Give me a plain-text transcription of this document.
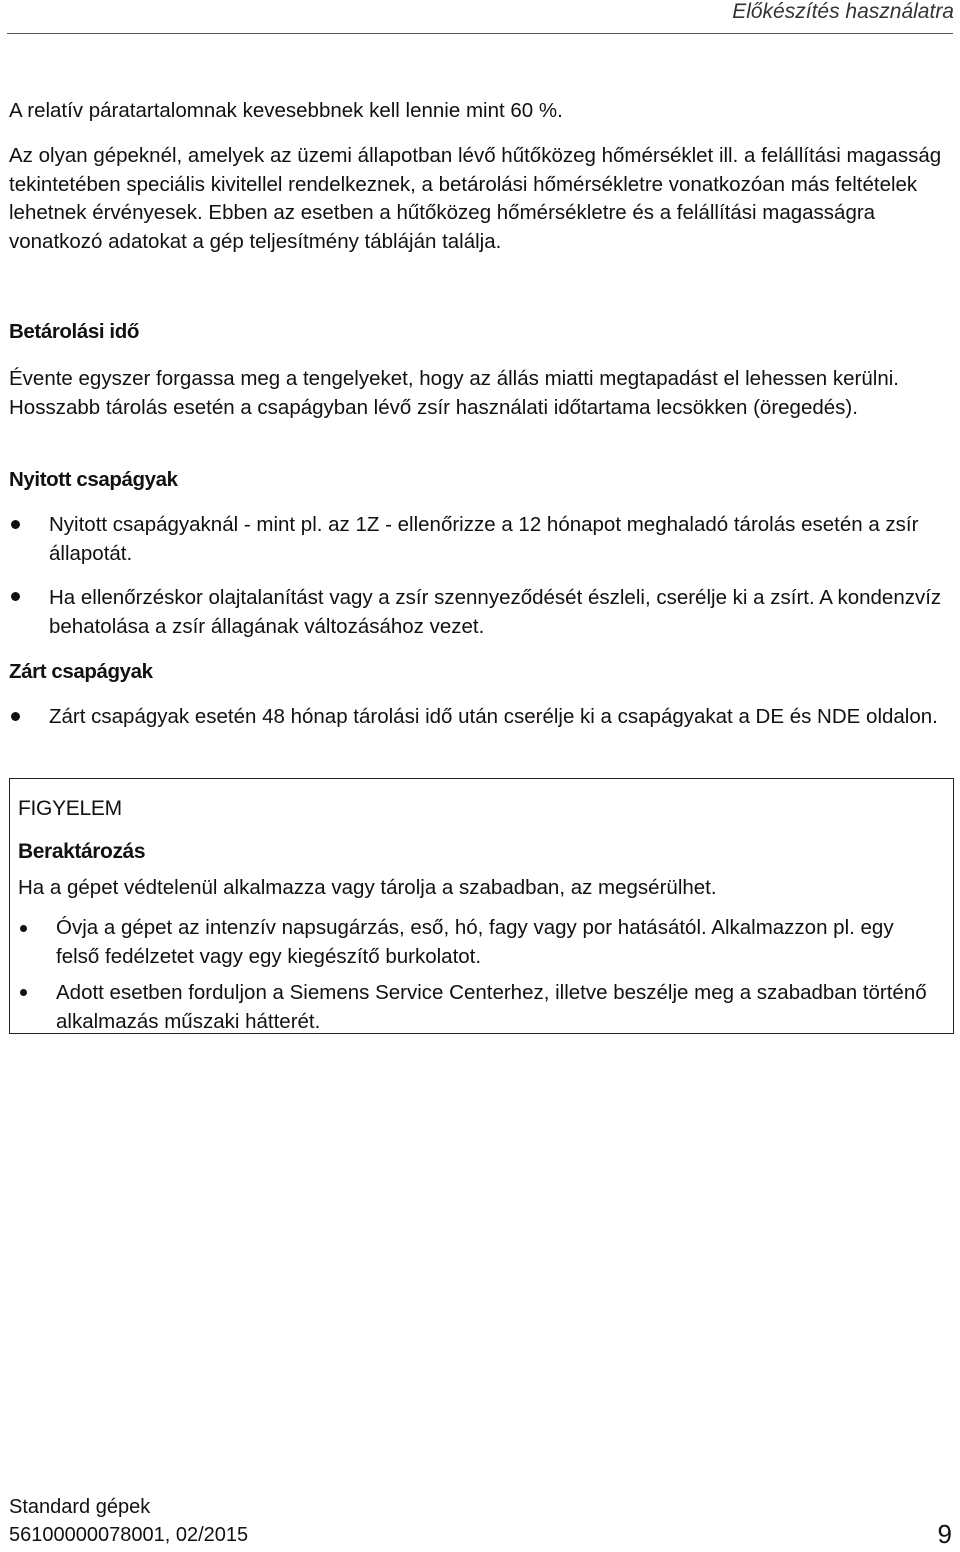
Előkészítés használatra
A relatív páratartalomnak kevesebbnek kell lennie mint 60 %.
Az olyan gépeknél, amelyek az üzemi állapotban lévő hűtőközeg hőmérséklet ill. a felállítási magasság tekintetében speciális kivitellel rendelkeznek, a betárolási hőmérsékletre vonatkozóan más feltételek lehetnek érvényesek. Ebben az esetben a hűtőközeg hőmérsékletre és a felállítási magasságra vonatkozó adatokat a gép teljesítmény tábláján találja.
Betárolási idő
Évente egyszer forgassa meg a tengelyeket, hogy az állás miatti megtapadást el lehessen kerülni. Hosszabb tárolás esetén a csapágyban lévő zsír használati időtartama lecsökken (öregedés).
Nyitott csapágyak
Nyitott csapágyaknál - mint pl. az 1Z - ellenőrizze a 12 hónapot meghaladó tárolás esetén a zsír állapotát.
Ha ellenőrzéskor olajtalanítást vagy a zsír szennyeződését észleli, cserélje ki a zsírt. A kondenzvíz behatolása a zsír állagának változásához vezet.
Zárt csapágyak
Zárt csapágyak esetén 48 hónap tárolási idő után cserélje ki a csapágyakat a DE és NDE oldalon.
FIGYELEM
Beraktározás
Ha a gépet védtelenül alkalmazza vagy tárolja a szabadban, az megsérülhet.
Óvja a gépet az intenzív napsugárzás, eső, hó, fagy vagy por hatásától. Alkalmazzon pl. egy felső fedélzetet vagy egy kiegészítő burkolatot.
Adott esetben forduljon a Siemens Service Centerhez, illetve beszélje meg a szabadban történő alkalmazás műszaki hátterét.
Standard gépek
56100000078001, 02/2015	9
